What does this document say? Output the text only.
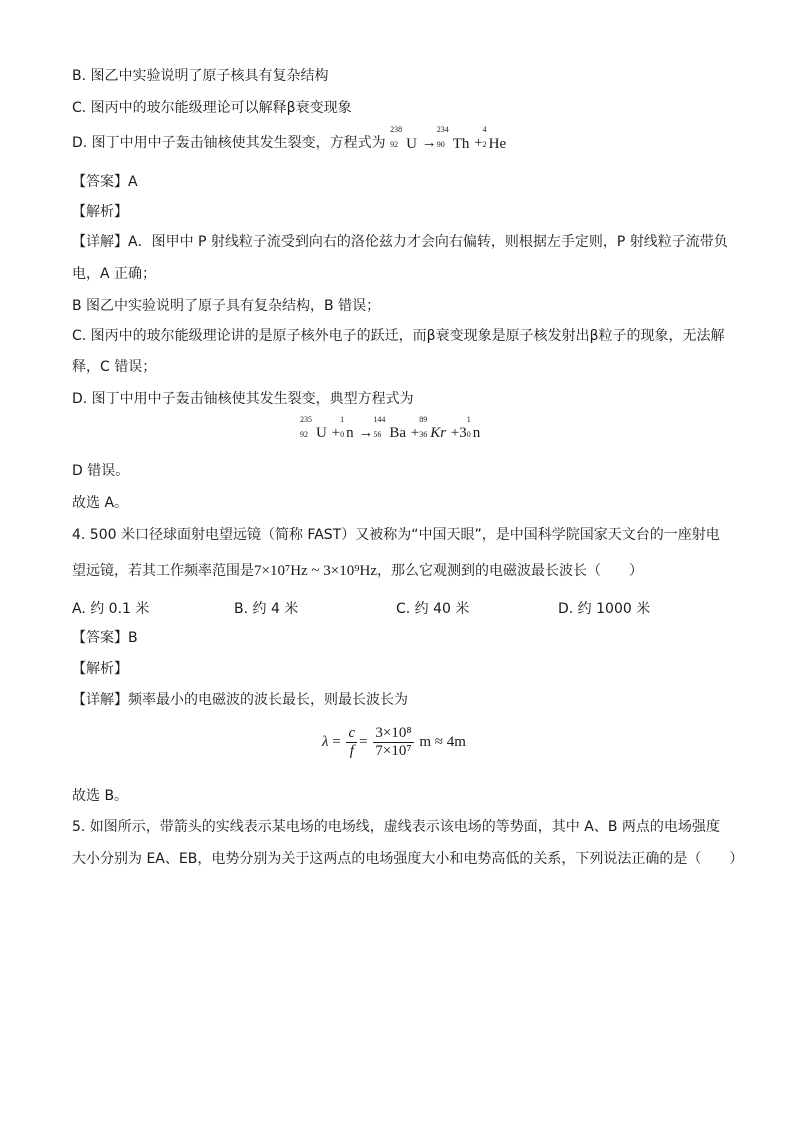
B. 图乙中实验说明了原子核具有复杂结构
C. 图丙中的玻尔能级理论可以解释β衰变现象
D. 图丁中用中子轰击铀核使其发生裂变，方程式为
238
92 U →
234
90 Th +
4
2 He
【答案】A
【解析】
【详解】A．图甲中 P 射线粒子流受到向右的洛伦兹力才会向右偏转，则根据左手定则，P 射线粒子流带负
电，A 正确；
B 图乙中实验说明了原子具有复杂结构，B 错误；
C. 图丙中的玻尔能级理论讲的是原子核外电子的跃迁，而β衰变现象是原子核发射出β粒子的现象，无法解
释，C 错误；
D. 图丁中用中子轰击铀核使其发生裂变，典型方程式为
235
92 U +
1
0 n →
144
56 Ba +
89
36 Kr +3
1
0 n
D 错误。
故选 A。
4. 500 米口径球面射电望远镜（简称 FAST）又被称为“中国天眼”，是中国科学院国家天文台的一座射电
望远镜，若其工作频率范围是7×10⁷Hz ~ 3×10⁹Hz，那么它观测到的电磁波最长波长（　　）
A. 约 0.1 米	B. 约 4 米	C. 约 40 米	D. 约 1000 米
【答案】B
【解析】
【详解】频率最小的电磁波的波长最长，则最长波长为
$\lambda = \frac{c}{f} = \frac{\text{3×10⁸}}{\text{7×10⁷}}$ m ≈ 4m
故选 B。
5. 如图所示，带箭头的实线表示某电场的电场线，虚线表示该电场的等势面，其中 A、B 两点的电场强度
大小分别为 EA、EB，电势分别为关于这两点的电场强度大小和电势高低的关系，下列说法正确的是（　　）
